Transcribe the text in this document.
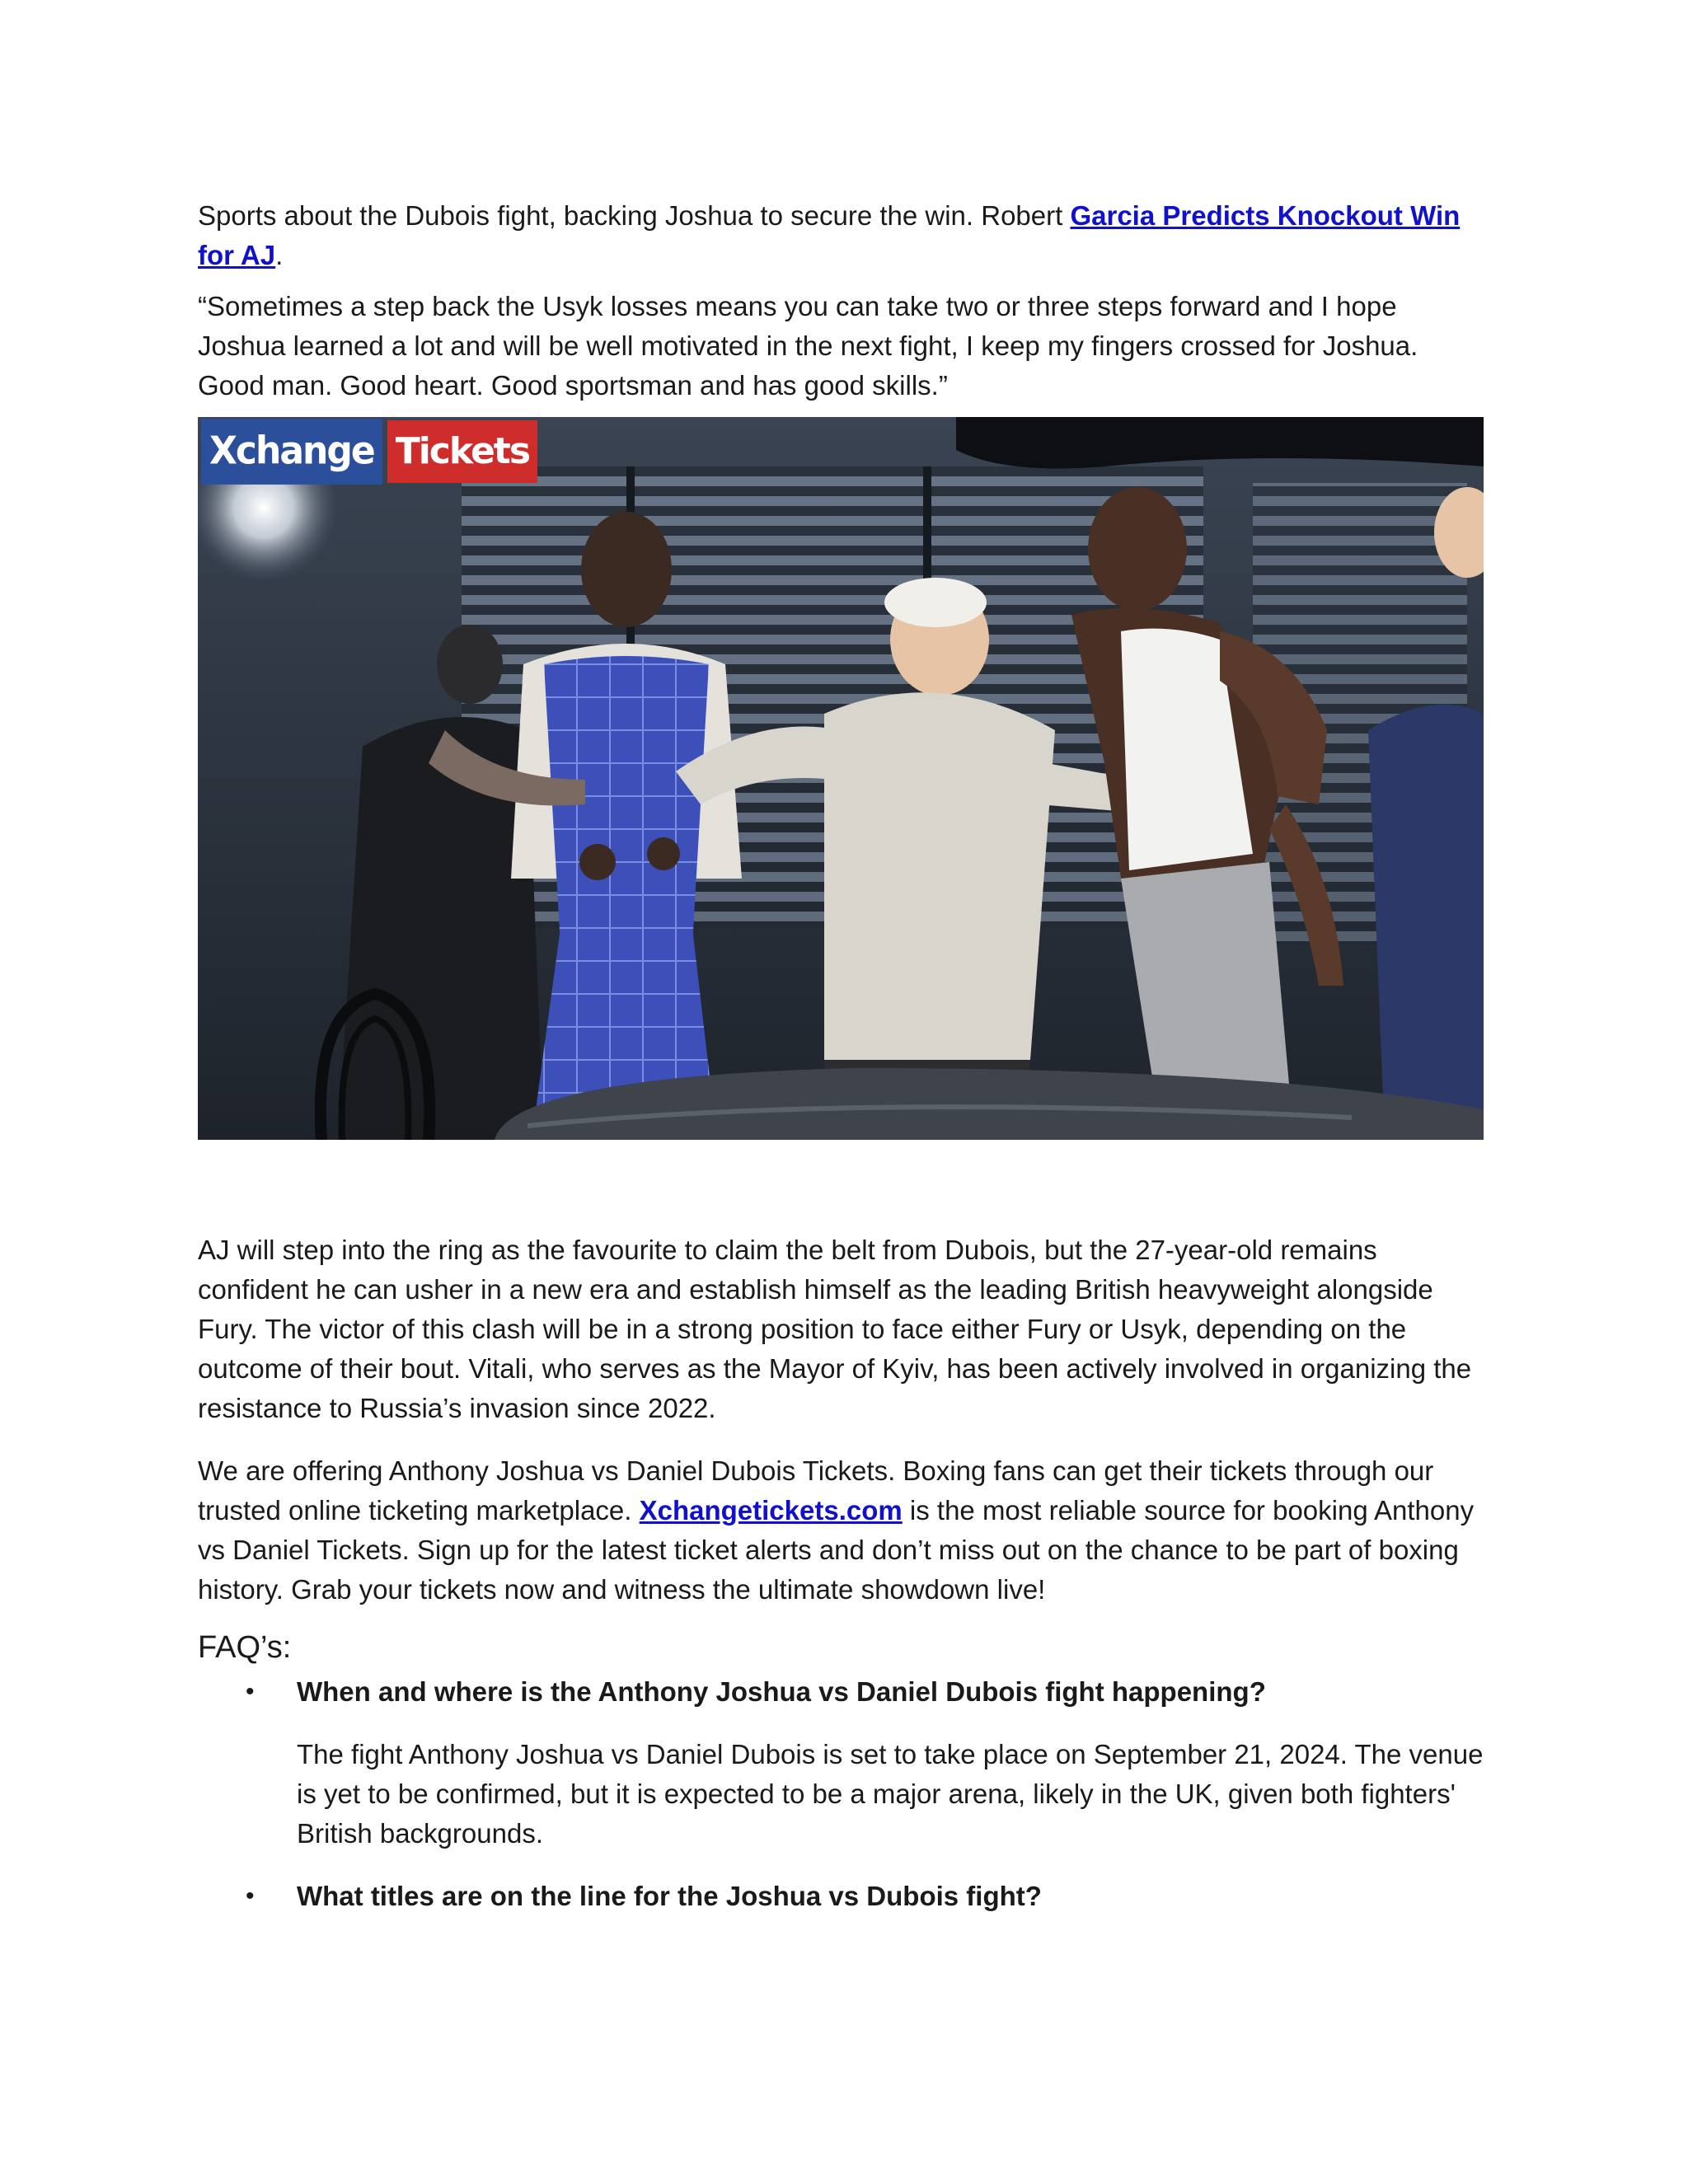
Sports about the Dubois fight, backing Joshua to secure the win. Robert Garcia Predicts Knockout Win for AJ.

“Sometimes a step back the Usyk losses means you can take two or three steps forward and I hope Joshua learned a lot and will be well motivated in the next fight, I keep my fingers crossed for Joshua. Good man. Good heart. Good sportsman and has good skills.”

Xchange Tickets

AJ will step into the ring as the favourite to claim the belt from Dubois, but the 27-year-old remains confident he can usher in a new era and establish himself as the leading British heavyweight alongside Fury. The victor of this clash will be in a strong position to face either Fury or Usyk, depending on the outcome of their bout. Vitali, who serves as the Mayor of Kyiv, has been actively involved in organizing the resistance to Russia’s invasion since 2022.

We are offering Anthony Joshua vs Daniel Dubois Tickets. Boxing fans can get their tickets through our trusted online ticketing marketplace. Xchangetickets.com is the most reliable source for booking Anthony vs Daniel Tickets. Sign up for the latest ticket alerts and don’t miss out on the chance to be part of boxing history. Grab your tickets now and witness the ultimate showdown live!

FAQ’s:
• When and where is the Anthony Joshua vs Daniel Dubois fight happening?
The fight Anthony Joshua vs Daniel Dubois is set to take place on September 21, 2024. The venue is yet to be confirmed, but it is expected to be a major arena, likely in the UK, given both fighters' British backgrounds.
• What titles are on the line for the Joshua vs Dubois fight?
